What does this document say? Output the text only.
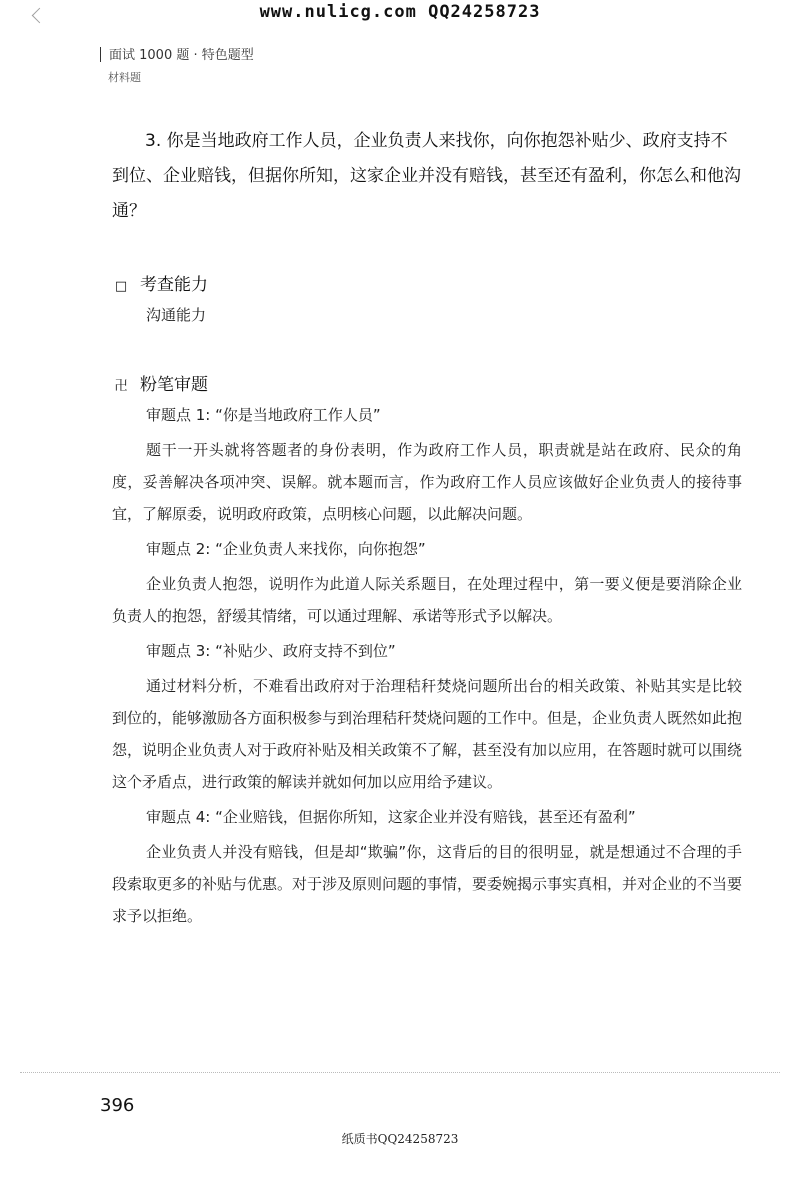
www.nulicg.com QQ24258723
面试 1000 题 · 特色题型
材料题
3. 你是当地政府工作人员，企业负责人来找你，向你抱怨补贴少、政府支持不到位、企业赔钱，但据你所知，这家企业并没有赔钱，甚至还有盈利，你怎么和他沟通？
□ 考查能力
沟通能力
卍 粉笔审题
审题点 1: “你是当地政府工作人员”

题干一开头就将答题者的身份表明，作为政府工作人员，职责就是站在政府、民众的角度，妥善解决各项冲突、误解。就本题而言，作为政府工作人员应该做好企业负责人的接待事宜，了解原委，说明政府政策，点明核心问题，以此解决问题。

审题点 2: “企业负责人来找你，向你抱怨”

企业负责人抱怨，说明作为此道人际关系题目，在处理过程中，第一要义便是要消除企业负责人的抱怨，舒缓其情绪，可以通过理解、承诺等形式予以解决。

审题点 3: “补贴少、政府支持不到位”

通过材料分析，不难看出政府对于治理秸秆焚烧问题所出台的相关政策、补贴其实是比较到位的，能够激励各方面积极参与到治理秸秆焚烧问题的工作中。但是，企业负责人既然如此抱怨，说明企业负责人对于政府补贴及相关政策不了解，甚至没有加以应用，在答题时就可以围绕这个矛盾点，进行政策的解读并就如何加以应用给予建议。

审题点 4: “企业赔钱，但据你所知，这家企业并没有赔钱，甚至还有盈利”

企业负责人并没有赔钱，但是却“欺骗”你，这背后的目的很明显，就是想通过不合理的手段索取更多的补贴与优惠。对于涉及原则问题的事情，要委婉揭示事实真相，并对企业的不当要求予以拒绝。

396
纸质书QQ24258723
